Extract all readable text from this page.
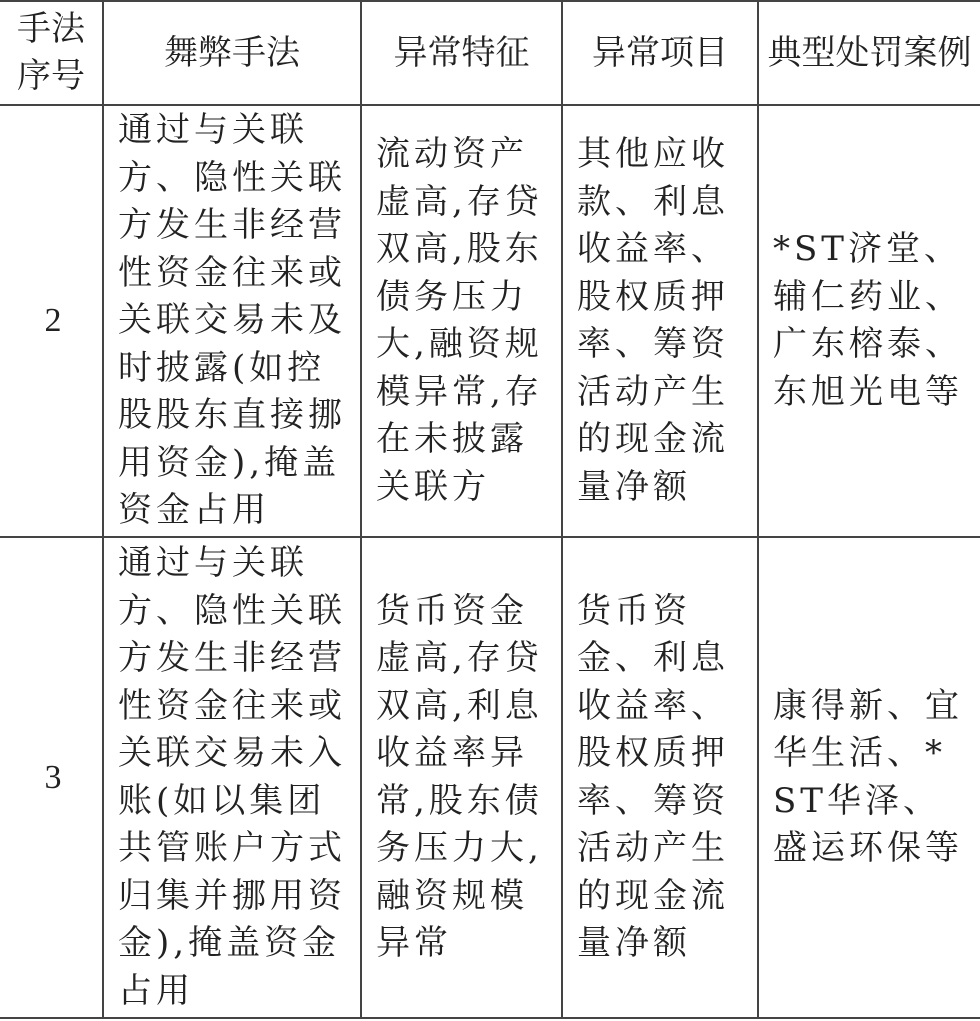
手法序号	舞弊手法	异常特征	异常项目	典型处罚案例

2	通过与关联方、隐性关联方发生非经营性资金往来或关联交易未及时披露(如控股股东直接挪用资金),掩盖资金占用	流动资产虚高,存贷双高,股东债务压力大,融资规模异常,存在未披露关联方	其他应收款、利息收益率、股权质押率、筹资活动产生的现金流量净额	*ST济堂、辅仁药业、广东榕泰、东旭光电等

3	通过与关联方、隐性关联方发生非经营性资金往来或关联交易未入账(如以集团共管账户方式归集并挪用资金),掩盖资金占用	货币资金虚高,存贷双高,利息收益率异常,股东债务压力大,融资规模异常	货币资金、利息收益率、股权质押率、筹资活动产生的现金流量净额	康得新、宜华生活、*ST华泽、盛运环保等
